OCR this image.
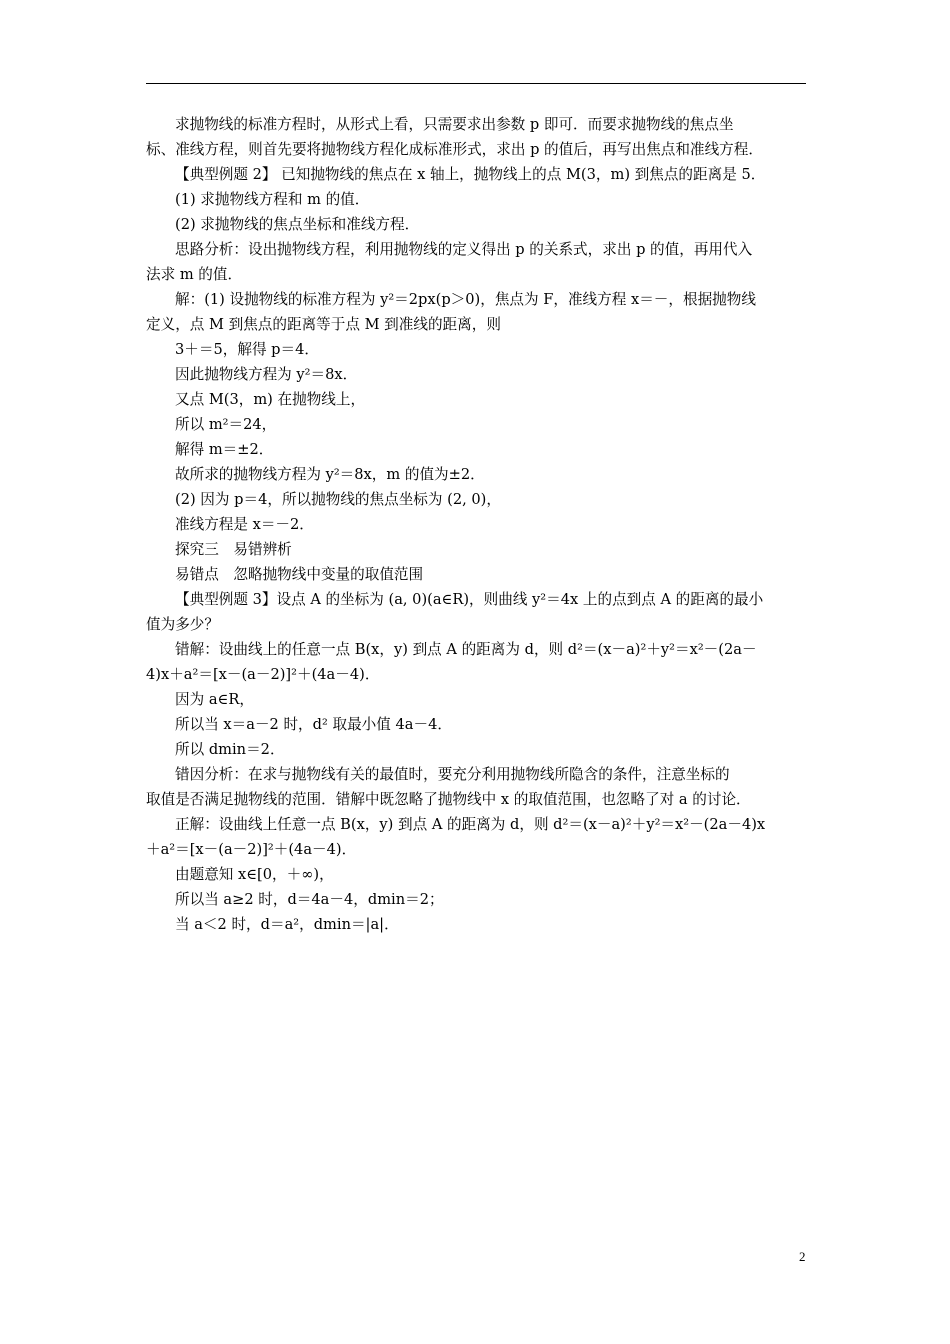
求抛物线的标准方程时，从形式上看，只需要求出参数 p 即可．而要求抛物线的焦点坐
标、准线方程，则首先要将抛物线方程化成标准形式，求出 p 的值后，再写出焦点和准线方程．
【典型例题 2】 已知抛物线的焦点在 x 轴上，抛物线上的点 M(3，m) 到焦点的距离是 5．
(1) 求抛物线方程和 m 的值．
(2) 求抛物线的焦点坐标和准线方程．
思路分析：设出抛物线方程，利用抛物线的定义得出 p 的关系式，求出 p 的值，再用代入
法求 m 的值．
解：(1) 设抛物线的标准方程为 y²＝2px(p＞0)，焦点为 F，准线方程 x＝－，根据抛物线
定义，点 M 到焦点的距离等于点 M 到准线的距离，则
3＋＝5，解得 p＝4．
因此抛物线方程为 y²＝8x．
又点 M(3，m) 在抛物线上，
所以 m²＝24，
解得 m＝±2．
故所求的抛物线方程为 y²＝8x，m 的值为±2．
(2) 因为 p＝4，所以抛物线的焦点坐标为 (2, 0)，
准线方程是 x＝－2．
探究三　易错辨析
易错点　忽略抛物线中变量的取值范围
【典型例题 3】设点 A 的坐标为 (a, 0)(a∈R)，则曲线 y²＝4x 上的点到点 A 的距离的最小
值为多少？
错解：设曲线上的任意一点 B(x，y) 到点 A 的距离为 d，则 d²＝(x－a)²＋y²＝x²－(2a－
4)x＋a²＝[x－(a－2)]²＋(4a－4)．
因为 a∈R，
所以当 x＝a－2 时，d² 取最小值 4a－4．
所以 dmin＝2．
错因分析：在求与抛物线有关的最值时，要充分利用抛物线所隐含的条件，注意坐标的
取值是否满足抛物线的范围．错解中既忽略了抛物线中 x 的取值范围，也忽略了对 a 的讨论．
正解：设曲线上任意一点 B(x，y) 到点 A 的距离为 d，则 d²＝(x－a)²＋y²＝x²－(2a－4)x
＋a²＝[x－(a－2)]²＋(4a－4)．
由题意知 x∈[0，＋∞)，
所以当 a≥2 时，d＝4a－4，dmin＝2；
当 a＜2 时，d＝a²，dmin＝|a|．
2
